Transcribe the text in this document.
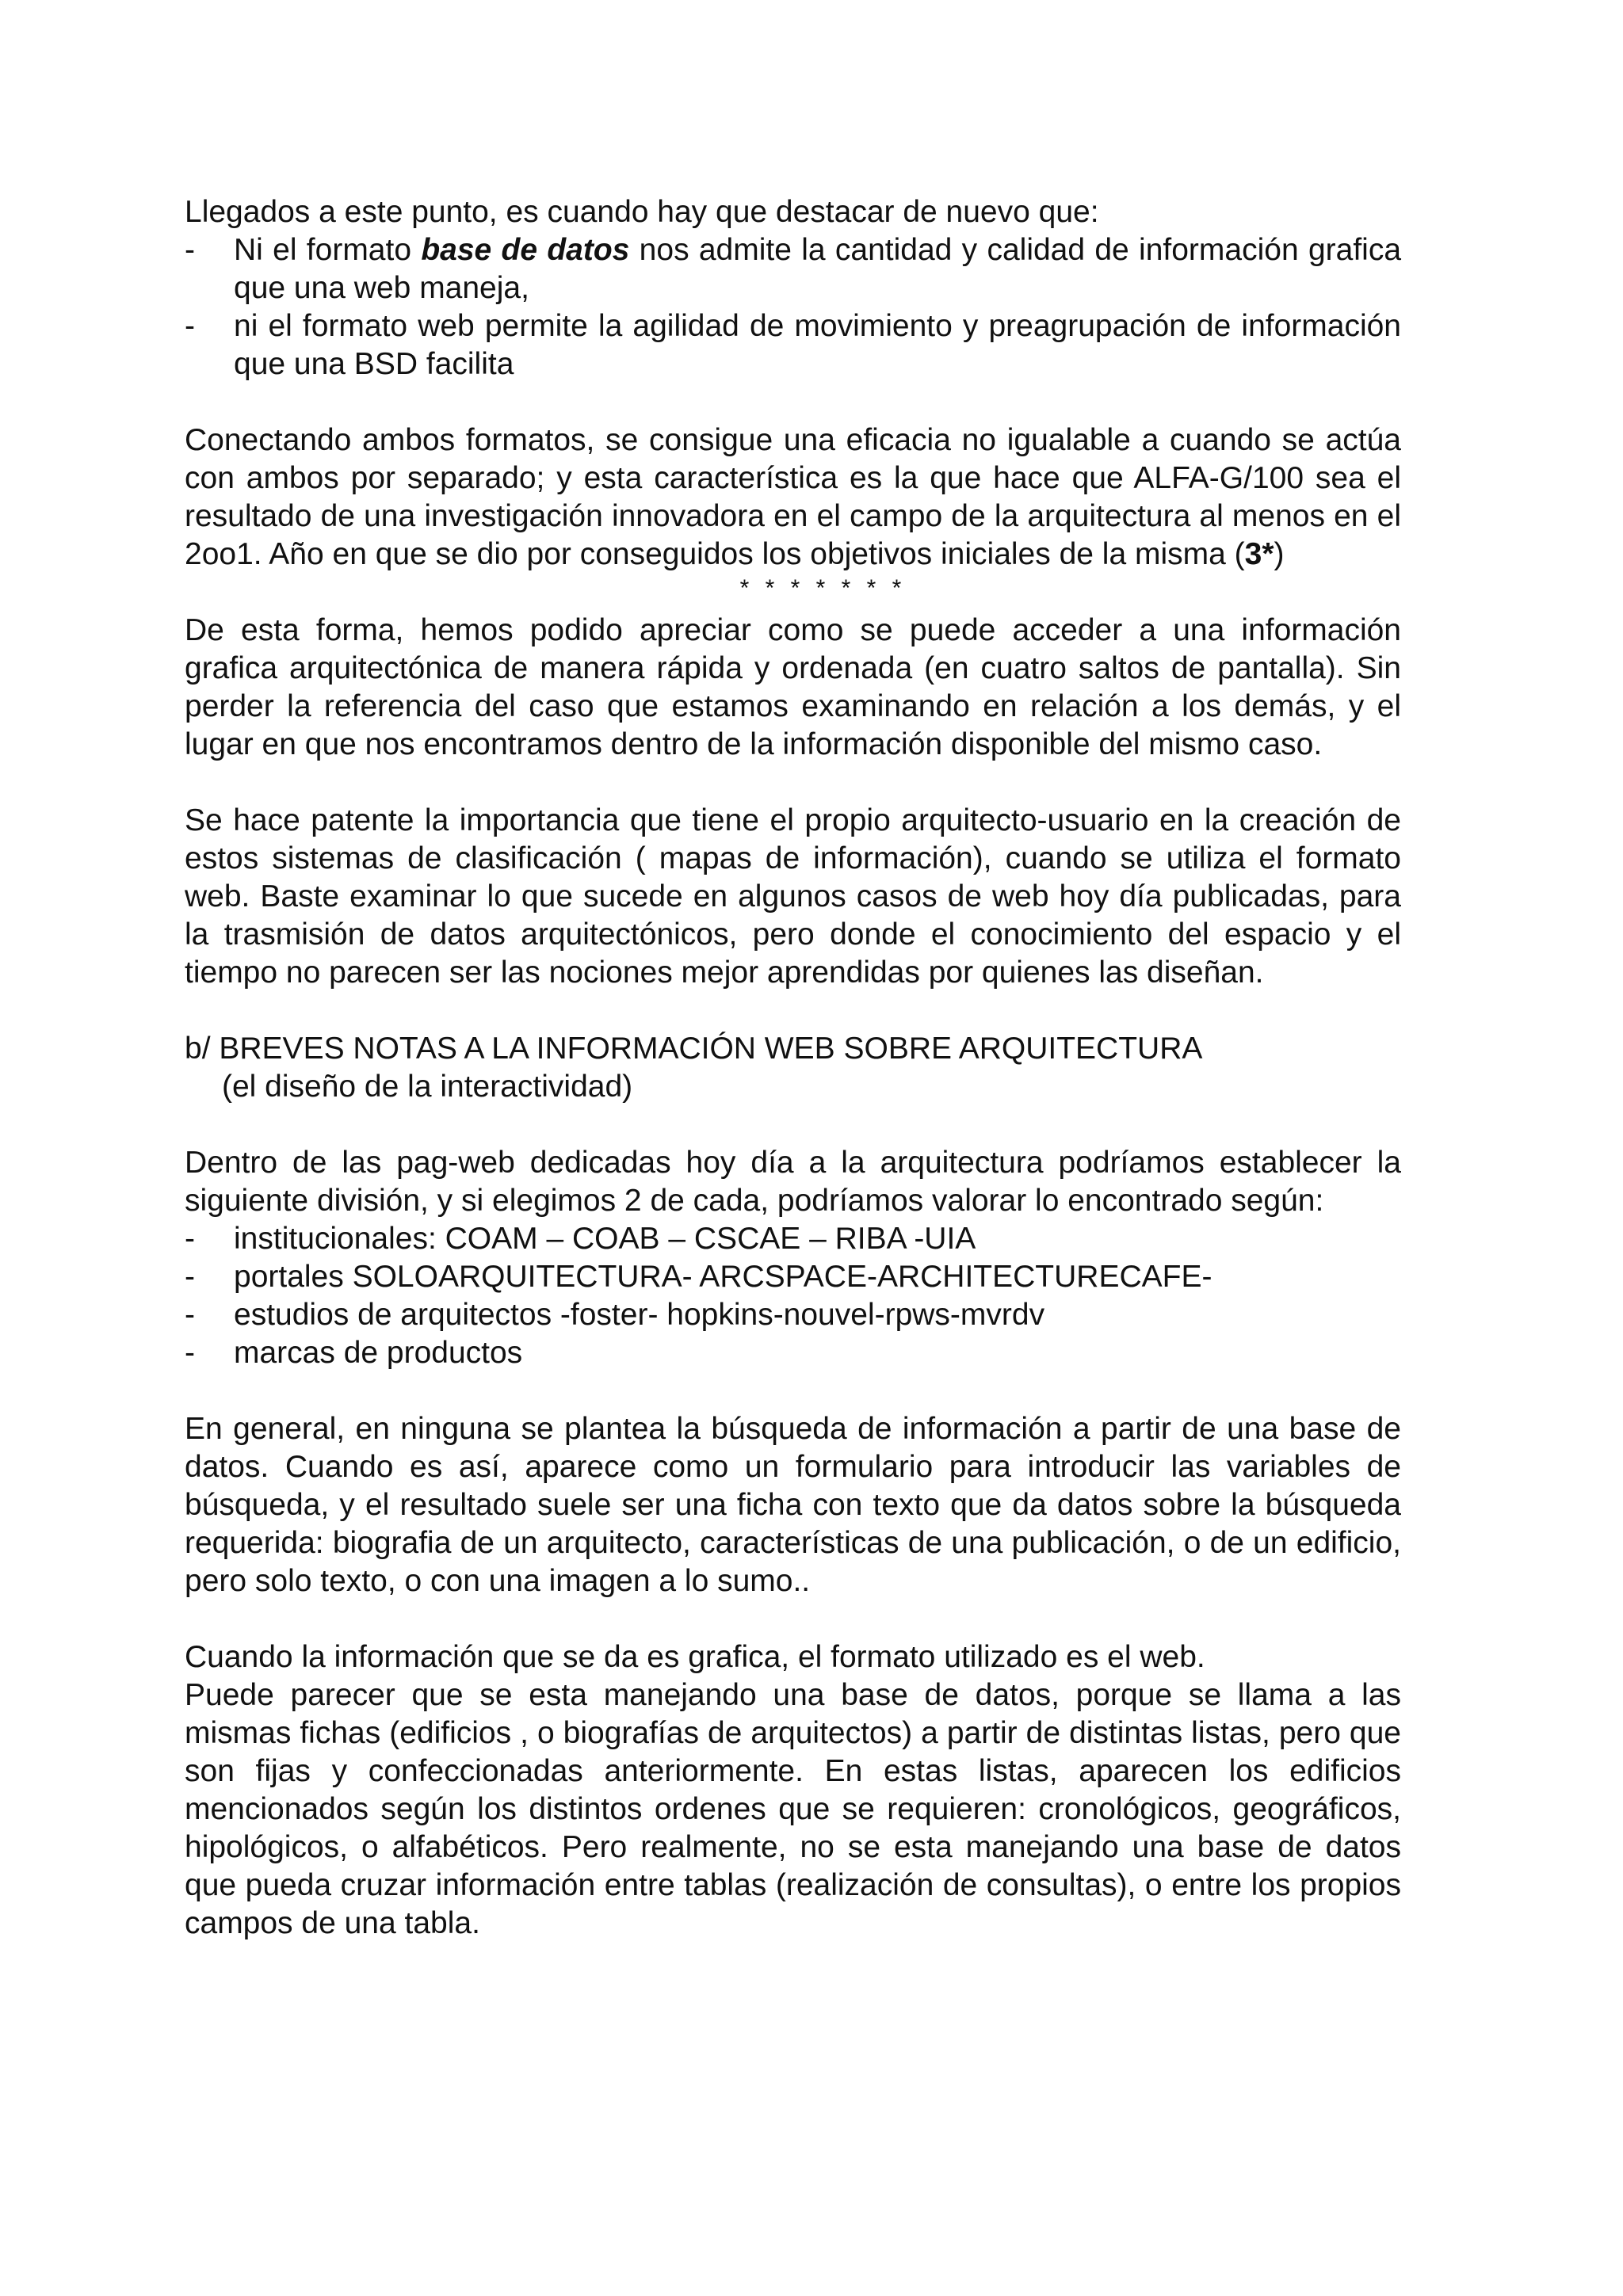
Llegados a este punto, es cuando hay que destacar de nuevo que:

- Ni el formato base de datos nos admite la cantidad y calidad de información grafica que una web maneja,
- ni el formato web permite la agilidad de movimiento y preagrupación de información que una BSD facilita

Conectando ambos formatos, se consigue una eficacia no igualable a cuando se actúa con ambos por separado; y esta característica es la que hace que ALFA-G/100 sea el resultado de una investigación innovadora en el campo de la arquitectura al menos en el 2oo1. Año en que se dio por conseguidos los objetivos iniciales de la misma (3*)

* * * * * * *

De esta forma, hemos podido apreciar como se puede acceder a una información grafica arquitectónica de manera rápida y ordenada (en cuatro saltos de pantalla). Sin perder la referencia del caso que estamos examinando en relación a los demás, y el lugar en que nos encontramos dentro de la información disponible del mismo caso.

Se hace patente la importancia que tiene el propio arquitecto-usuario en la creación de estos sistemas de clasificación ( mapas de información), cuando se utiliza el formato web. Baste examinar lo que sucede en algunos casos de web hoy día publicadas, para la trasmisión de datos arquitectónicos, pero donde el conocimiento del espacio y el tiempo no parecen ser las nociones mejor aprendidas por quienes las diseñan.

b/ BREVES NOTAS A LA INFORMACIÓN WEB SOBRE ARQUITECTURA

(el diseño de la interactividad)

Dentro de las pag-web dedicadas hoy día a la arquitectura podríamos establecer la siguiente división, y si elegimos 2 de cada, podríamos valorar lo encontrado según:

- institucionales: COAM – COAB – CSCAE – RIBA -UIA
- portales SOLOARQUITECTURA- ARCSPACE-ARCHITECTURECAFE-
- estudios de arquitectos -foster- hopkins-nouvel-rpws-mvrdv
- marcas de productos

En general, en ninguna se plantea la búsqueda de información a partir de una base de datos. Cuando es así, aparece como un formulario para introducir las variables de búsqueda, y el resultado suele ser una ficha con texto que da datos sobre la búsqueda requerida: biografia de un arquitecto, características de una publicación, o de un edificio, pero solo texto, o con una imagen a lo sumo..

Cuando la información que se da es grafica, el formato utilizado es el web.

Puede parecer que se esta manejando una base de datos, porque se llama a las mismas fichas (edificios , o biografías de arquitectos) a partir de distintas listas, pero que son fijas y confeccionadas anteriormente. En estas listas, aparecen los edificios mencionados según los distintos ordenes que se requieren: cronológicos, geográficos, hipológicos, o alfabéticos. Pero realmente, no se esta manejando una base de datos que pueda cruzar información entre tablas (realización de consultas), o entre los propios campos de una tabla.
